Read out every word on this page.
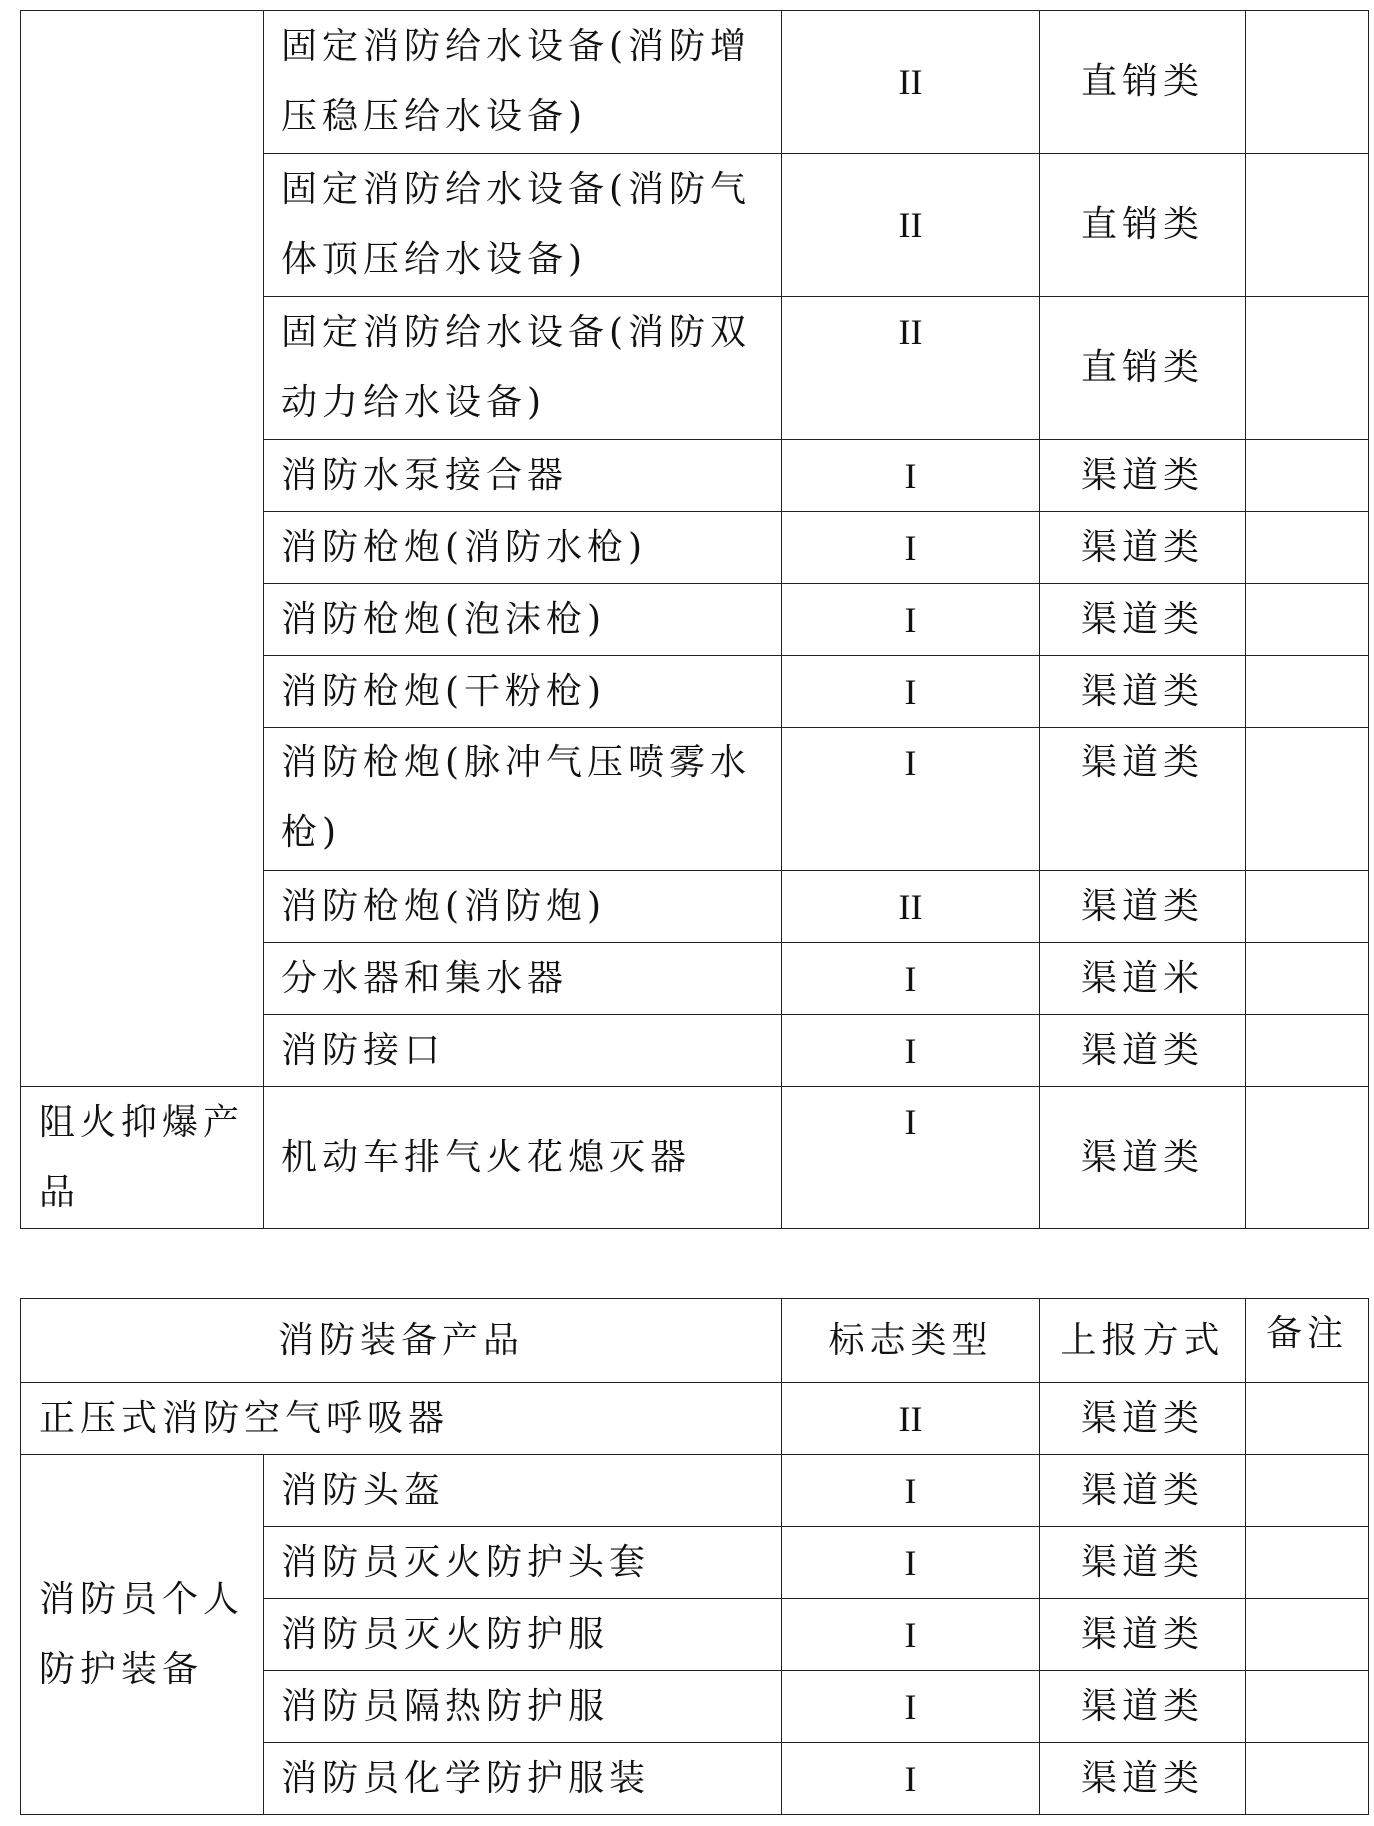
	固定消防给水设备(消防增压稳压给水设备)	II	直销类	
	固定消防给水设备(消防气体顶压给水设备)	II	直销类	
	固定消防给水设备(消防双动力给水设备)	II	直销类	
	消防水泵接合器	I	渠道类	
	消防枪炮(消防水枪)	I	渠道类	
	消防枪炮(泡沫枪)	I	渠道类	
	消防枪炮(干粉枪)	I	渠道类	
	消防枪炮(脉冲气压喷雾水枪)	I	渠道类	
	消防枪炮(消防炮)	II	渠道类	
	分水器和集水器	I	渠道米	
	消防接口	I	渠道类	
阻火抑爆产品	机动车排气火花熄灭器	I	渠道类	
消防装备产品		标志类型	上报方式	备注
正压式消防空气呼吸器		II	渠道类	
消防员个人防护装备	消防头盔	I	渠道类	
	消防员灭火防护头套	I	渠道类	
	消防员灭火防护服	I	渠道类	
	消防员隔热防护服	I	渠道类	
	消防员化学防护服装	I	渠道类	
